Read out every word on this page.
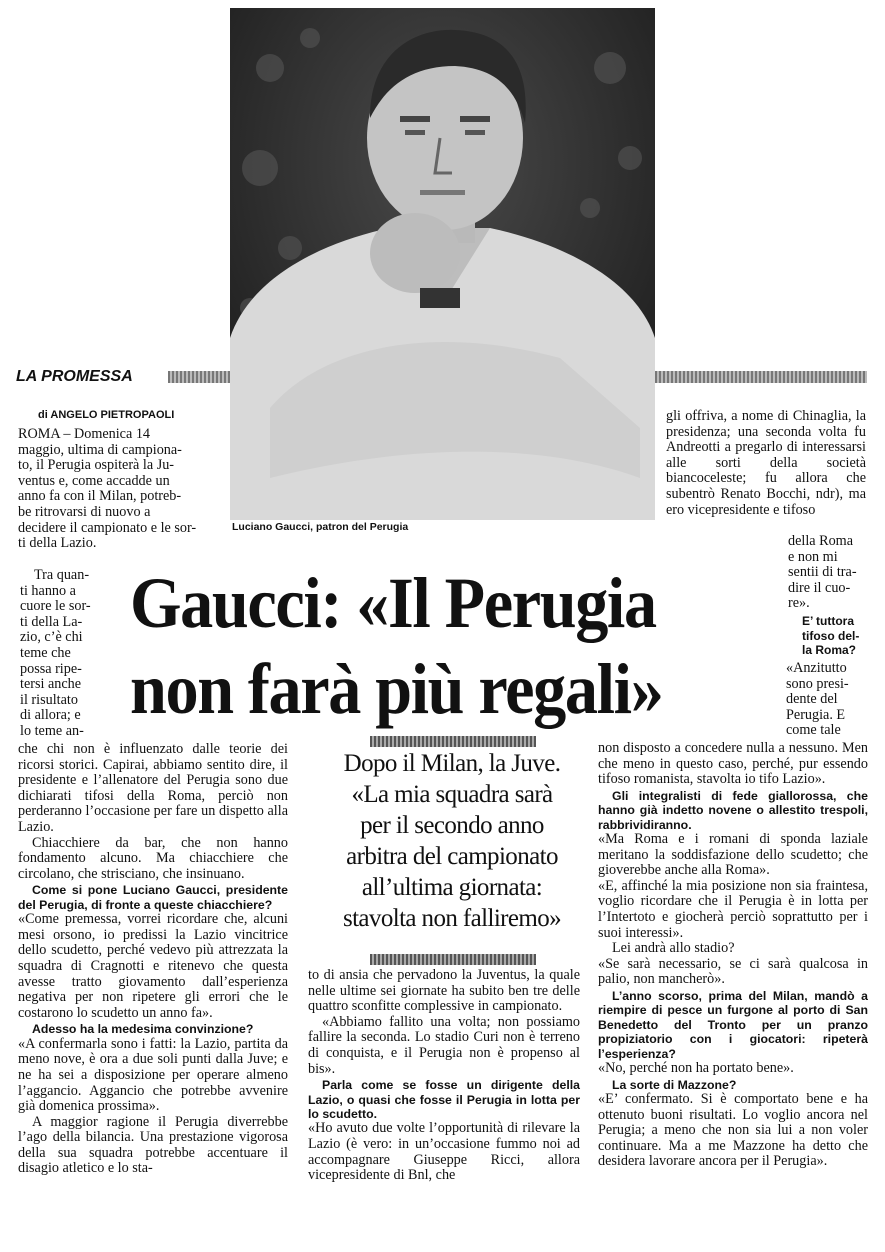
Luciano Gaucci, patron del Perugia
LA PROMESSA
di ANGELO PIETROPAOLI
ROMA – Domenica 14
maggio, ultima di campiona-
to, il Perugia ospiterà la Ju-
ventus e, come accadde un
anno fa con il Milan, potreb-
be ritrovarsi di nuovo a
decidere il campionato e le sor-
ti della Lazio.
Tra quan-
ti hanno a
cuore le sor-
ti della La-
zio, c’è chi
teme che
possa ripe-
tersi anche
il risultato
di allora; e
lo teme an-
Gaucci: «Il Perugia
non farà più regali»

che chi non è influenzato dalle teorie dei ricorsi storici. Capirai, abbiamo sentito dire, il presidente e l’allenatore del Perugia sono due dichiarati tifosi della Roma, perciò non perderanno l’occasione per fare un dispetto alla Lazio.

Chiacchiere da bar, che non hanno fondamento alcuno. Ma chiacchiere che circolano, che strisciano, che insinuano.

Come si pone Luciano Gaucci, presidente del Perugia, di fronte a queste chiacchiere?

«Come premessa, vorrei ricordare che, alcuni mesi orsono, io predissi la Lazio vincitrice dello scudetto, perché vedevo più attrezzata la squadra di Cragnotti e ritenevo che questa avesse tratto giovamento dall’esperienza negativa per non ripetere gli errori che le costarono lo scudetto un anno fa».

Adesso ha la medesima convinzione?

«A confermarla sono i fatti: la Lazio, partita da meno nove, è ora a due soli punti dalla Juve; e ne ha sei a disposizione per operare almeno l’aggancio. Aggancio che potrebbe avvenire già domenica prossima».

A maggior ragione il Perugia diverrebbe l’ago della bilancia. Una prestazione vigorosa della sua squadra potrebbe accentuare il disagio atletico e lo sta-

Dopo il Milan, la Juve.
«La mia squadra sarà
per il secondo anno
arbitra del campionato
all’ultima giornata:
stavolta non falliremo»

to di ansia che pervadono la Juventus, la quale nelle ultime sei giornate ha subito ben tre delle quattro sconfitte complessive in campionato.

«Abbiamo fallito una volta; non possiamo fallire la seconda. Lo stadio Curi non è terreno di conquista, e il Perugia non è propenso al bis».

Parla come se fosse un dirigente della Lazio, o quasi che fosse il Perugia in lotta per lo scudetto.

«Ho avuto due volte l’opportunità di rilevare la Lazio (è vero: in un’occasione fummo noi ad accompagnare Giuseppe Ricci, allora vicepresidente di Bnl, che

gli offriva, a nome di Chinaglia, la presidenza; una seconda volta fu Andreotti a pregarlo di interessarsi alle sorti della società biancoceleste; fu allora che subentrò Renato Bocchi, ndr), ma ero vicepresidente e tifoso

della Roma
e non mi
sentii di tra-
dire il cuo-
re».
E’ tuttora
tifoso del-
la Roma?
«Anzitutto
sono presi-
dente del
Perugia. E
come tale

non disposto a concedere nulla a nessuno. Men che meno in questo caso, perché, pur essendo tifoso romanista, stavolta io tifo Lazio».

Gli integralisti di fede giallorossa, che hanno già indetto novene o allestito trespoli, rabbrividiranno.

«Ma Roma e i romani di sponda laziale meritano la soddisfazione dello scudetto; che gioverebbe anche alla Roma».

«E, affinché la mia posizione non sia fraintesa, voglio ricordare che il Perugia è in lotta per l’Intertoto e giocherà perciò soprattutto per i suoi interessi».

Lei andrà allo stadio?

«Se sarà necessario, se ci sarà qualcosa in palio, non mancherò».

L’anno scorso, prima del Milan, mandò a riempire di pesce un furgone al porto di San Benedetto del Tronto per un pranzo propiziatorio con i giocatori: ripeterà l’esperienza?

«No, perché non ha portato bene».

La sorte di Mazzone?

«E’ confermato. Si è comportato bene e ha ottenuto buoni risultati. Lo voglio ancora nel Perugia; a meno che non sia lui a non voler continuare. Ma a me Mazzone ha detto che desidera lavorare ancora per il Perugia».
